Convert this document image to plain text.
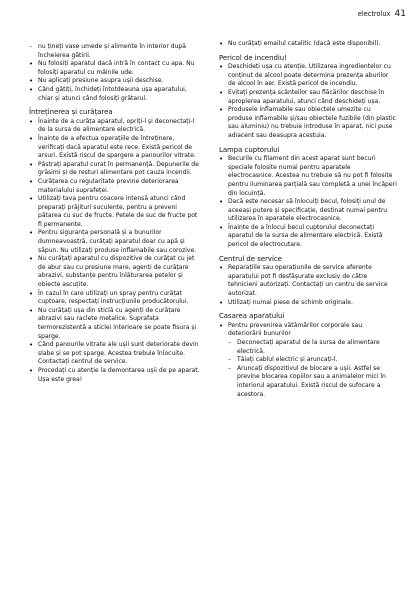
electrolux 41
– nu țineți vase umede și alimente în interior după încheierea gătirii.
• Nu folosiți aparatul dacă intră în contact cu apa. Nu folosiți aparatul cu mâinile ude.
• Nu aplicați presiune asupra ușii deschise.
• Când gătiți, închideți întotdeauna ușa aparatului, chiar și atunci când folosiți grătarul.
Întreținerea și curățarea
• Înainte de a curăța aparatul, opriți-l și deconectați-l de la sursa de alimentare electrică.
• Înainte de a efectua operațiile de întreținere, verificați dacă aparatul este rece. Există pericol de arsuri. Există riscul de spargere a panourilor vitrate.
• Păstrați aparatul curat în permanență. Depunerile de grăsimi și de resturi alimentare pot cauza incendii.
• Curățarea cu regularitate previne deteriorarea materialului suprafeței.
• Utilizați tava pentru coacere intensă atunci când preparați prăjituri suculente, pentru a preveni pătarea cu suc de fructe. Petele de suc de fructe pot fi permanente.
• Pentru siguranța personală și a bunurilor dumneavoastră, curățați aparatul doar cu apă și săpun. Nu utilizați produse inflamabile sau corozive.
• Nu curățați aparatul cu dispozitive de curățat cu jet de abur sau cu presiune mare, agenți de curățare abrazivi, substanțe pentru înlăturarea petelor și obiecte ascuțite.
• În cazul în care utilizați un spray pentru curățat cuptoare, respectați instrucțiunile producătorului.
• Nu curățați ușa din sticlă cu agenți de curățare abrazivi sau raclete metalice. Suprafața termorezistentă a sticlei interioare se poate fisura și sparge.
• Când panourile vitrate ale ușii sunt deteriorate devin slabe și se pot sparge. Acestea trebuie înlocuite. Contactați centrul de service.
• Procedați cu atenție la demontarea ușii de pe aparat. Ușa este grea!
• Nu curățați emailul catalitic (dacă este disponibil).
Pericol de incendiu!
• Deschideți ușa cu atenție. Utilizarea ingredientelor cu conținut de alcool poate determina prezența aburilor de alcool în aer. Există pericol de incendiu.
• Evitați prezența scânteilor sau flăcărilor deschise în apropierea aparatului, atunci când deschideți ușa.
• Produsele inflamabile sau obiectele umezite cu produse inflamabile și/sau obiectele fuzibile (din plastic sau aluminiu) nu trebuie introduse în aparat, nici puse adiacent sau deasupra acestuia.
Lampa cuptorului
• Becurile cu filament din acest aparat sunt becuri speciale folosite numai pentru aparatele electrocasnice. Acestea nu trebuie să nu pot fi folosite pentru iluminarea parțială sau completă a unei încăperi din locuință.
• Dacă este necesar să înlocuiți becul, folosiți unul de aceeași putere și specificație, destinat numai pentru utilizarea în aparatele electrocasnice.
• Înainte de a înlocui becul cuptorului deconectați aparatul de la sursa de alimentare electrică. Există pericol de electrocutare.
Centrul de service
• Reparațiile sau operațiunile de service aferente aparatului pot fi desfășurate exclusiv de către tehnicieni autorizați. Contactați un centru de service autorizat.
• Utilizați numai piese de schimb originale.
Casarea aparatului
• Pentru prevenirea vătămărilor corporale sau deteriorării bunurilor
– Deconectați aparatul de la sursa de alimentare electrică.
– Tăiați cablul electric și aruncați-l.
– Aruncați dispozitivul de blocare a ușii. Astfel se previne blocarea copiilor sau a animalelor mici în interiorul aparatului. Există riscul de sufocare a acestora.
